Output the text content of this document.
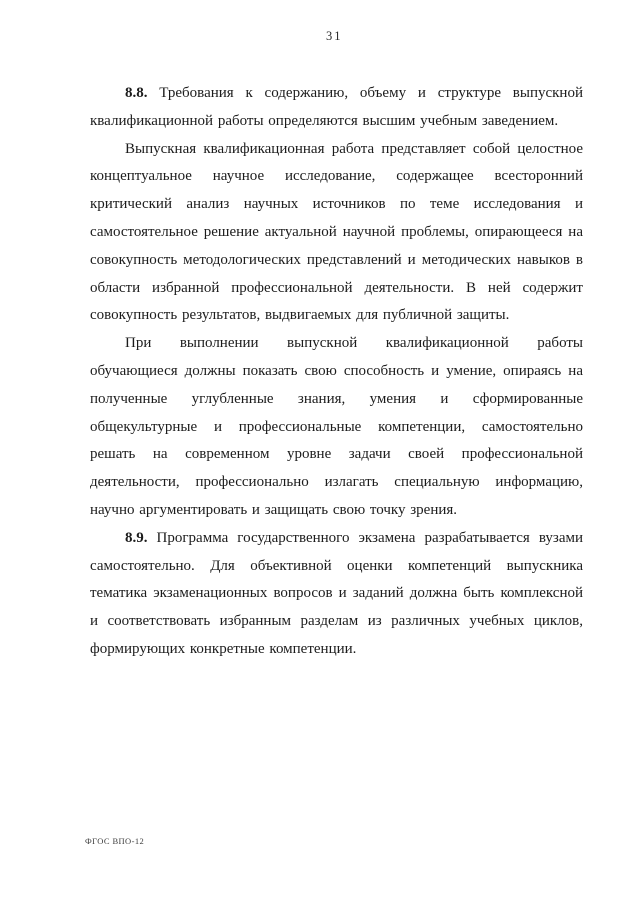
31
8.8. Требования к содержанию, объему и структуре выпускной
квалификационной работы определяются высшим учебным заведением.
Выпускная квалификационная работа представляет собой целостное
концептуальное научное исследование, содержащее всесторонний
критический анализ научных источников по теме исследования и
самостоятельное решение актуальной научной проблемы, опирающееся на
совокупность методологических представлений и методических навыков в
области избранной профессиональной деятельности. В ней содержит
совокупность результатов, выдвигаемых для публичной защиты.
При выполнении выпускной квалификационной работы
обучающиеся должны показать свою способность и умение, опираясь на
полученные углубленные знания, умения и сформированные
общекультурные и профессиональные компетенции, самостоятельно
решать на современном уровне задачи своей профессиональной
деятельности, профессионально излагать специальную информацию,
научно аргументировать и защищать свою точку зрения.
8.9. Программа государственного экзамена разрабатывается вузами
самостоятельно. Для объективной оценки компетенций выпускника
тематика экзаменационных вопросов и заданий должна быть комплексной
и соответствовать избранным разделам из различных учебных циклов,
формирующих конкретные компетенции.
ФГОС ВПО-12
